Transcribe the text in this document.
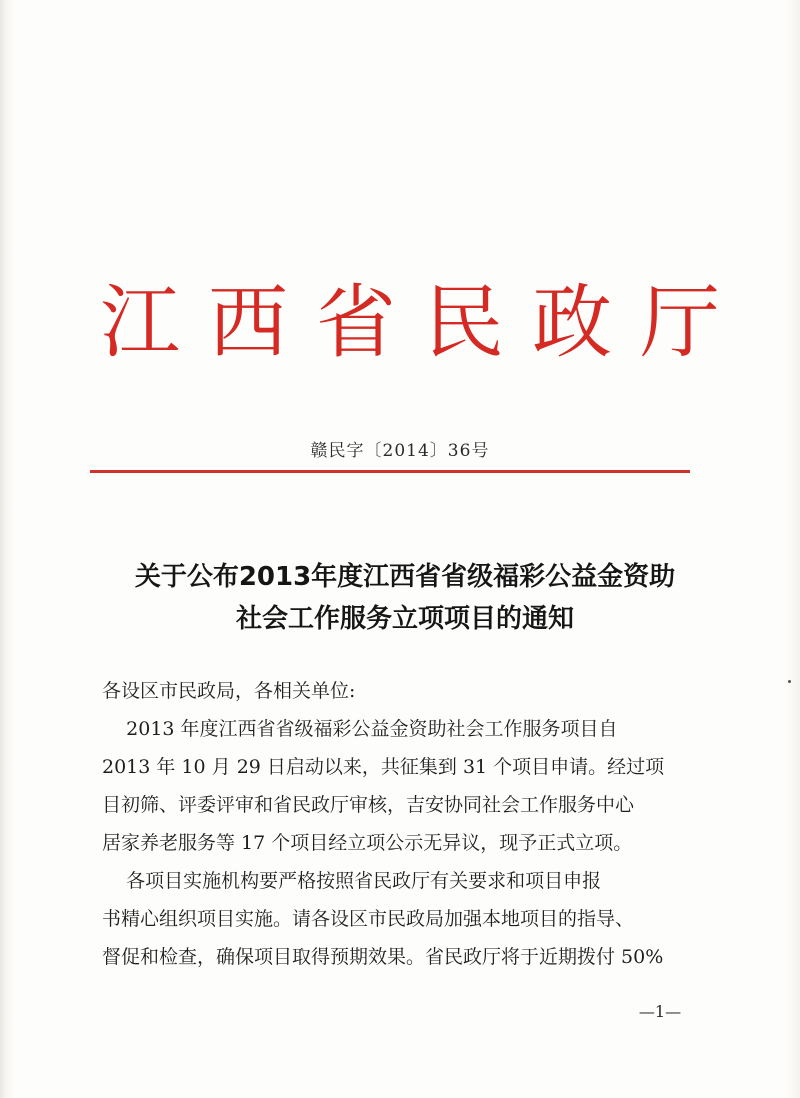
江西省民政厅
赣民字〔2014〕36号
关于公布2013年度江西省省级福彩公益金资助
社会工作服务立项项目的通知

各设区市民政局，各相关单位:

2013 年度江西省省级福彩公益金资助社会工作服务项目自

2013 年 10 月 29 日启动以来，共征集到 31 个项目申请。经过项

目初筛、评委评审和省民政厅审核，吉安协同社会工作服务中心

居家养老服务等 17 个项目经立项公示无异议，现予正式立项。

各项目实施机构要严格按照省民政厅有关要求和项目申报

书精心组织项目实施。请各设区市民政局加强本地项目的指导、

督促和检查，确保项目取得预期效果。省民政厅将于近期拨付 50%

—1—
